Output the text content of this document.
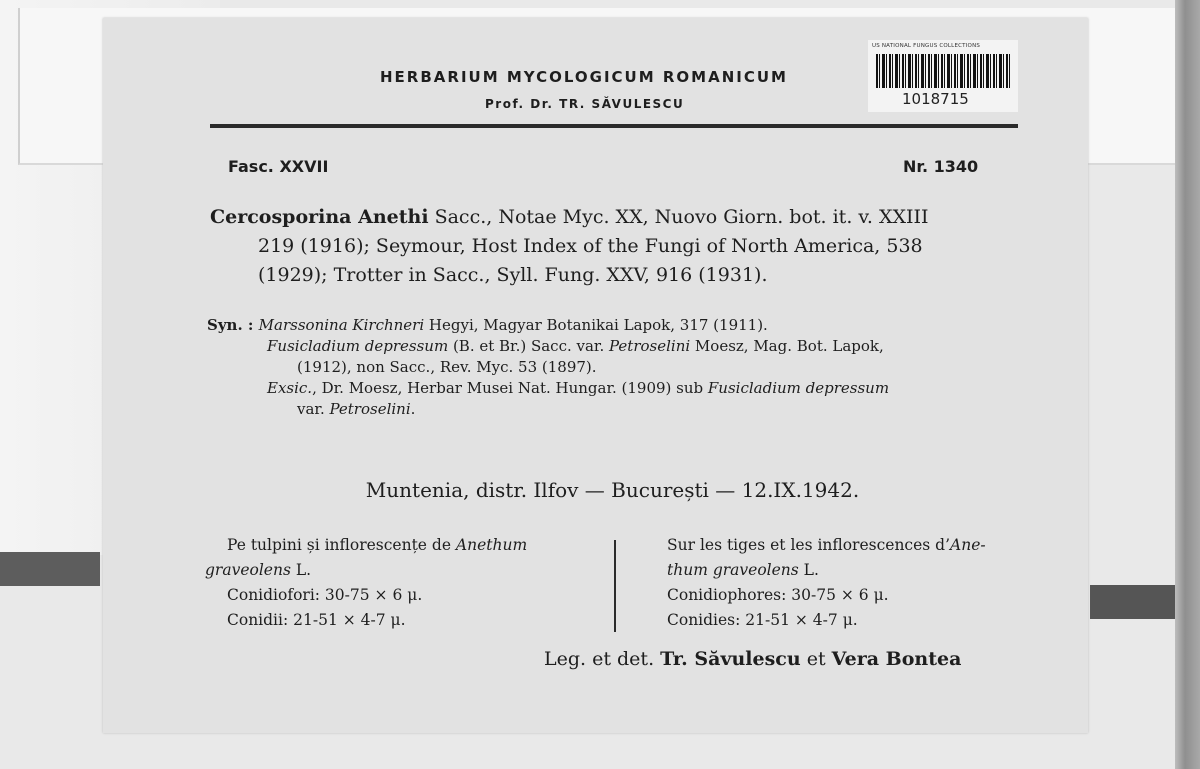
HERBARIUM MYCOLOGICUM ROMANICUM
Prof. Dr. TR. SĂVULESCU
US NATIONAL FUNGUS COLLECTIONS
1018715
Fasc. XXVII	Nr. 1340
Cercosporina Anethi Sacc., Notae Myc. XX, Nuovo Giorn. bot. it. v. XXIII
219 (1916); Seymour, Host Index of the Fungi of North America, 538
(1929); Trotter in Sacc., Syll. Fung. XXV, 916 (1931).
Syn. : Marssonina Kirchneri Hegyi, Magyar Botanikai Lapok, 317 (1911).
Fusicladium depressum (B. et Br.) Sacc. var. Petroselini Moesz, Mag. Bot. Lapok,
(1912), non Sacc., Rev. Myc. 53 (1897).
Exsic., Dr. Moesz, Herbar Musei Nat. Hungar. (1909) sub Fusicladium depressum
var. Petroselini.
Muntenia, distr. Ilfov — București — 12.IX.1942.
Pe tulpini și inflorescențe de Anethum
graveolens L.
Conidiofori: 30-75 × 6 μ.
Conidii: 21-51 × 4-7 μ.
Sur les tiges et les inflorescences d’Ane-
thum graveolens L.
Conidiophores: 30-75 × 6 μ.
Conidies: 21-51 × 4-7 μ.
Leg. et det. Tr. Săvulescu et Vera Bontea
